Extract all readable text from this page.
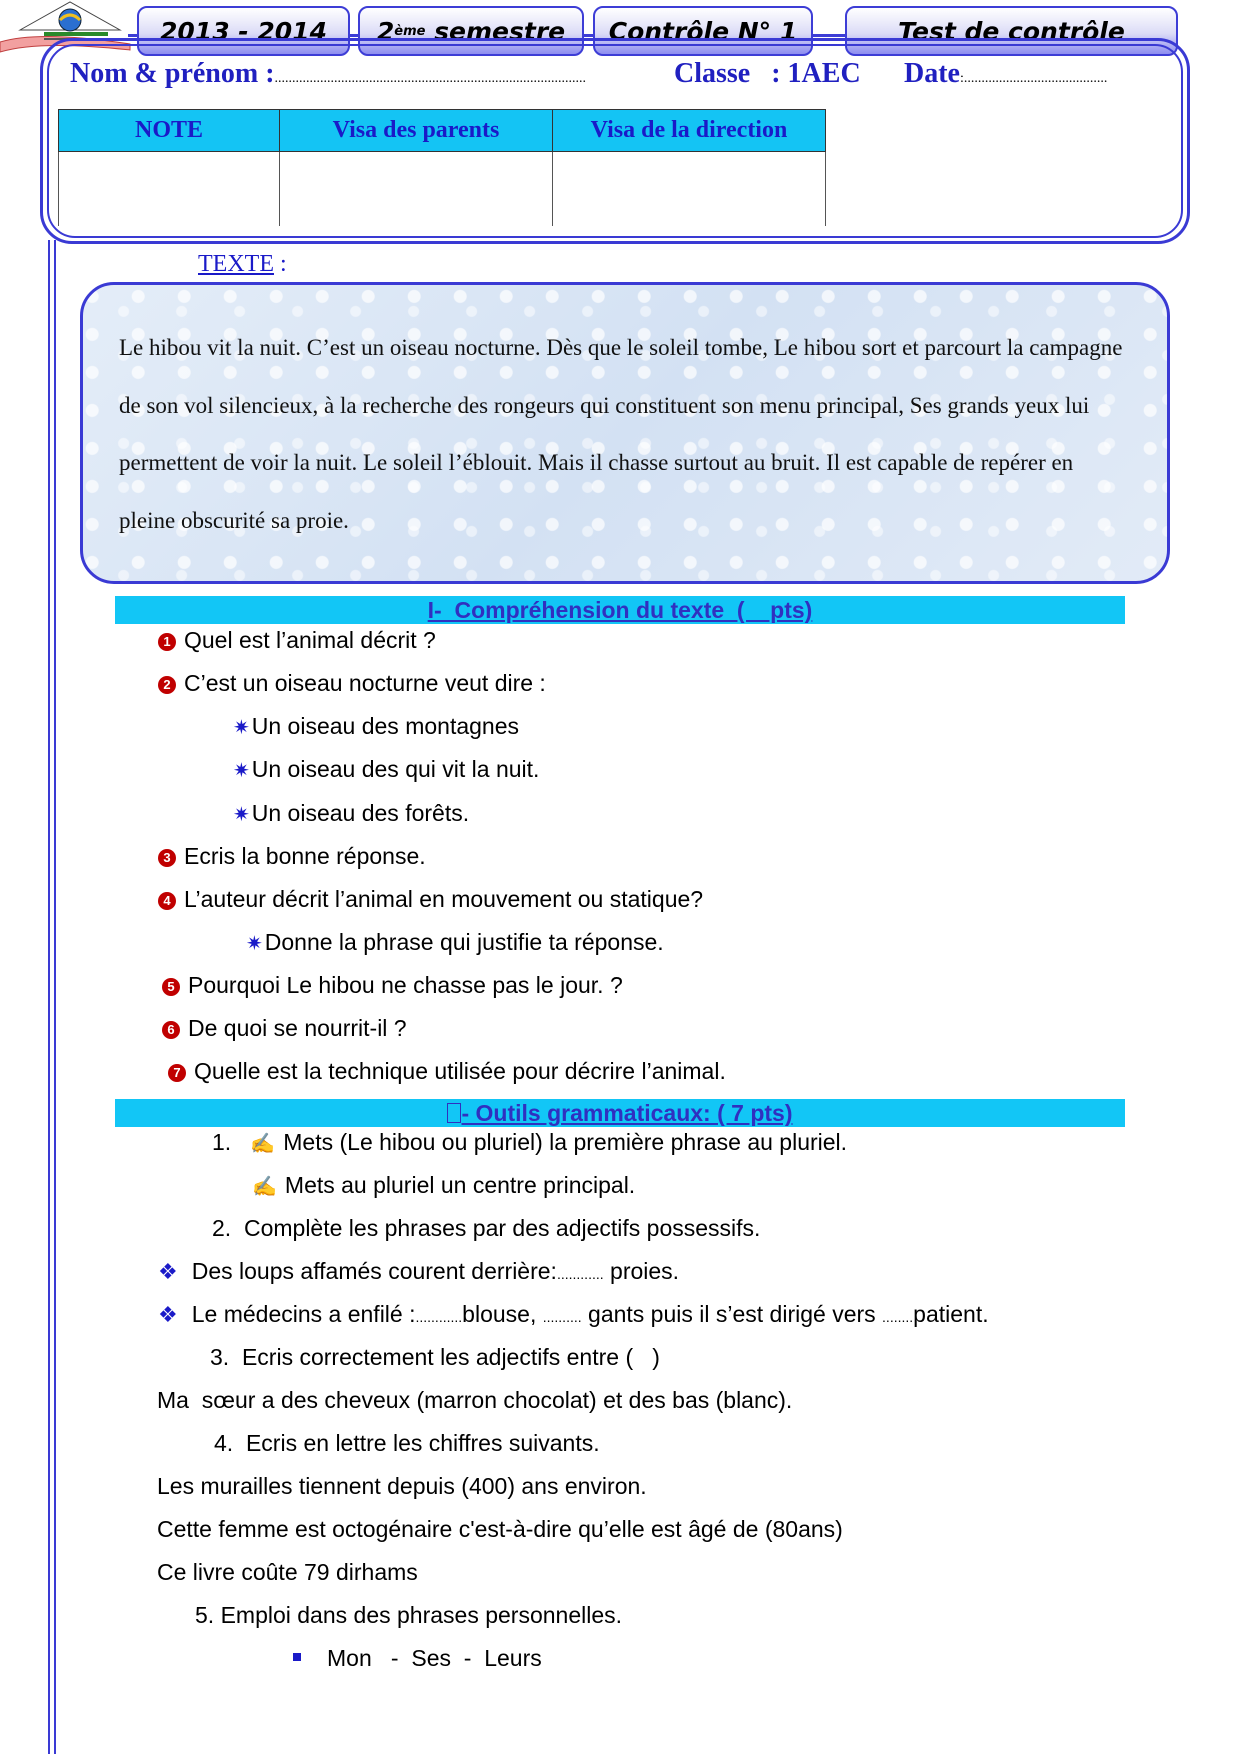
2013 - 2014 2 ème semestre Contrôle N° 1	Test de contrôle
Nom & prénom :.........................................................................................	Classe : 1AEC Date:.........................................
NOTE	Visa des parents	Visa de la direction

TEXTE :

Le hibou vit la nuit. C’est un oiseau nocturne. Dès que le soleil tombe, Le hibou sort et parcourt la campagne de son vol silencieux, à la recherche des rongeurs qui constituent son menu principal, Ses grands yeux lui permettent de voir la nuit. Le soleil l’éblouit. Mais il chasse surtout au bruit. Il est capable de repérer en pleine obscurité sa proie.

I-  Compréhension du texte  (    pts)
1 Quel est l’animal décrit ?
2 C’est un oiseau nocturne veut dire :
✷Un oiseau des montagnes
✷Un oiseau des qui vit la nuit.
✷Un oiseau des forêts.
3 Ecris la bonne réponse.
4 L’auteur décrit l’animal en mouvement ou statique?
✷Donne la phrase qui justifie ta réponse.
5 Pourquoi Le hibou ne chasse pas le jour. ?
6 De quoi se nourrit-il ?
7 Quelle est la technique utilisée pour décrire l’animal.
- Outils grammaticaux: ( 7 pts)
1. ✍ Mets (Le hibou ou pluriel) la première phrase au pluriel.
✍ Mets au pluriel un centre principal.
2. Complète les phrases par des adjectifs possessifs.
❖ Des loups affamés courent derrière:............ proies.
❖ Le médecins a enfilé :............blouse, .......... gants puis il s’est dirigé vers ........patient.
3. Ecris correctement les adjectifs entre (   )
Ma  sœur a des cheveux (marron chocolat) et des bas (blanc).
4. Ecris en lettre les chiffres suivants.
Les murailles tiennent depuis (400) ans environ.
Cette femme est octogénaire c'est-à-dire qu’elle est âgé de (80ans)
Ce livre coûte 79 dirhams
5. Emploi dans des phrases personnelles.
Mon   -  Ses  -  Leurs
